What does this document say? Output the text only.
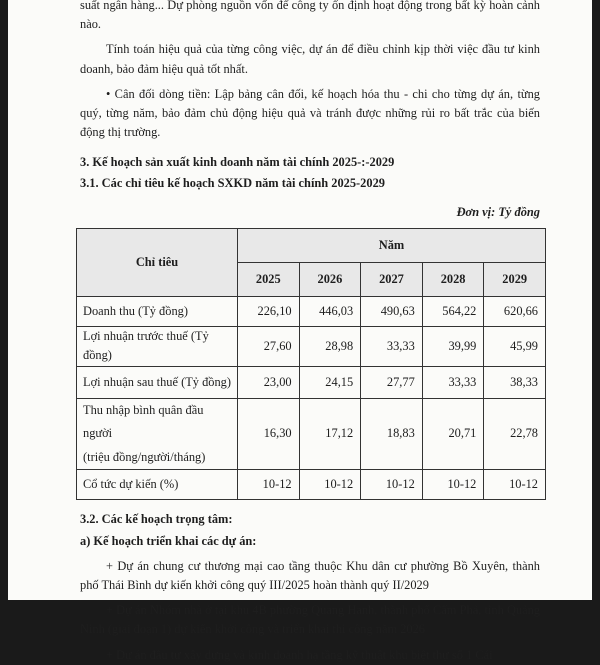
suất ngân hàng... Dự phòng nguồn vốn để công ty ổn định hoạt động trong bất kỳ hoàn cảnh nào.

Tính toán hiệu quả của từng công việc, dự án để điều chỉnh kịp thời việc đầu tư kinh doanh, bảo đảm hiệu quả tốt nhất.

• Cân đối dòng tiền: Lập bảng cân đối, kế hoạch hóa thu - chi cho từng dự án, từng quý, từng năm, bảo đảm chủ động hiệu quả và tránh được những rủi ro bất trắc của biến động thị trường.

3. Kế hoạch sản xuất kinh doanh năm tài chính 2025-:-2029

3.1. Các chỉ tiêu kế hoạch SXKD năm tài chính 2025-2029

Đơn vị: Tỷ đồng

Chỉ tiêu	Năm				
	2025	2026	2027	2028	2029
Doanh thu (Tỷ đồng)	226,10	446,03	490,63	564,22	620,66
Lợi nhuận trước thuế (Tỷ đồng)	27,60	28,98	33,33	39,99	45,99
Lợi nhuận sau thuế (Tỷ đồng)	23,00	24,15	27,77	33,33	38,33
Thu nhập bình quân đầu người
(triệu đồng/người/tháng)	16,30	17,12	18,83	20,71	22,78
Cổ tức dự kiến (%)	10-12	10-12	10-12	10-12	10-12

3.2. Các kế hoạch trọng tâm:

a) Kế hoạch triển khai các dự án:

+ Dự án chung cư thương mại cao tầng thuộc Khu dân cư phường Bồ Xuyên, thành phố Thái Bình dự kiến khởi công quý III/2025 hoàn thành quý II/2029

+ Dự án Nhóm nhà ở tại khu 4B phường Quang Hanh, thành phố Cẩm Phả, tỉnh Quảng Ninh (giai đoạn 1) dự kiến khởi công và triển khai thi công năm 2026

+ Dự án đầu tư xây dựng và kinh doanh hạ tầng kỹ thuật khu biệt thự số 1 Cái
